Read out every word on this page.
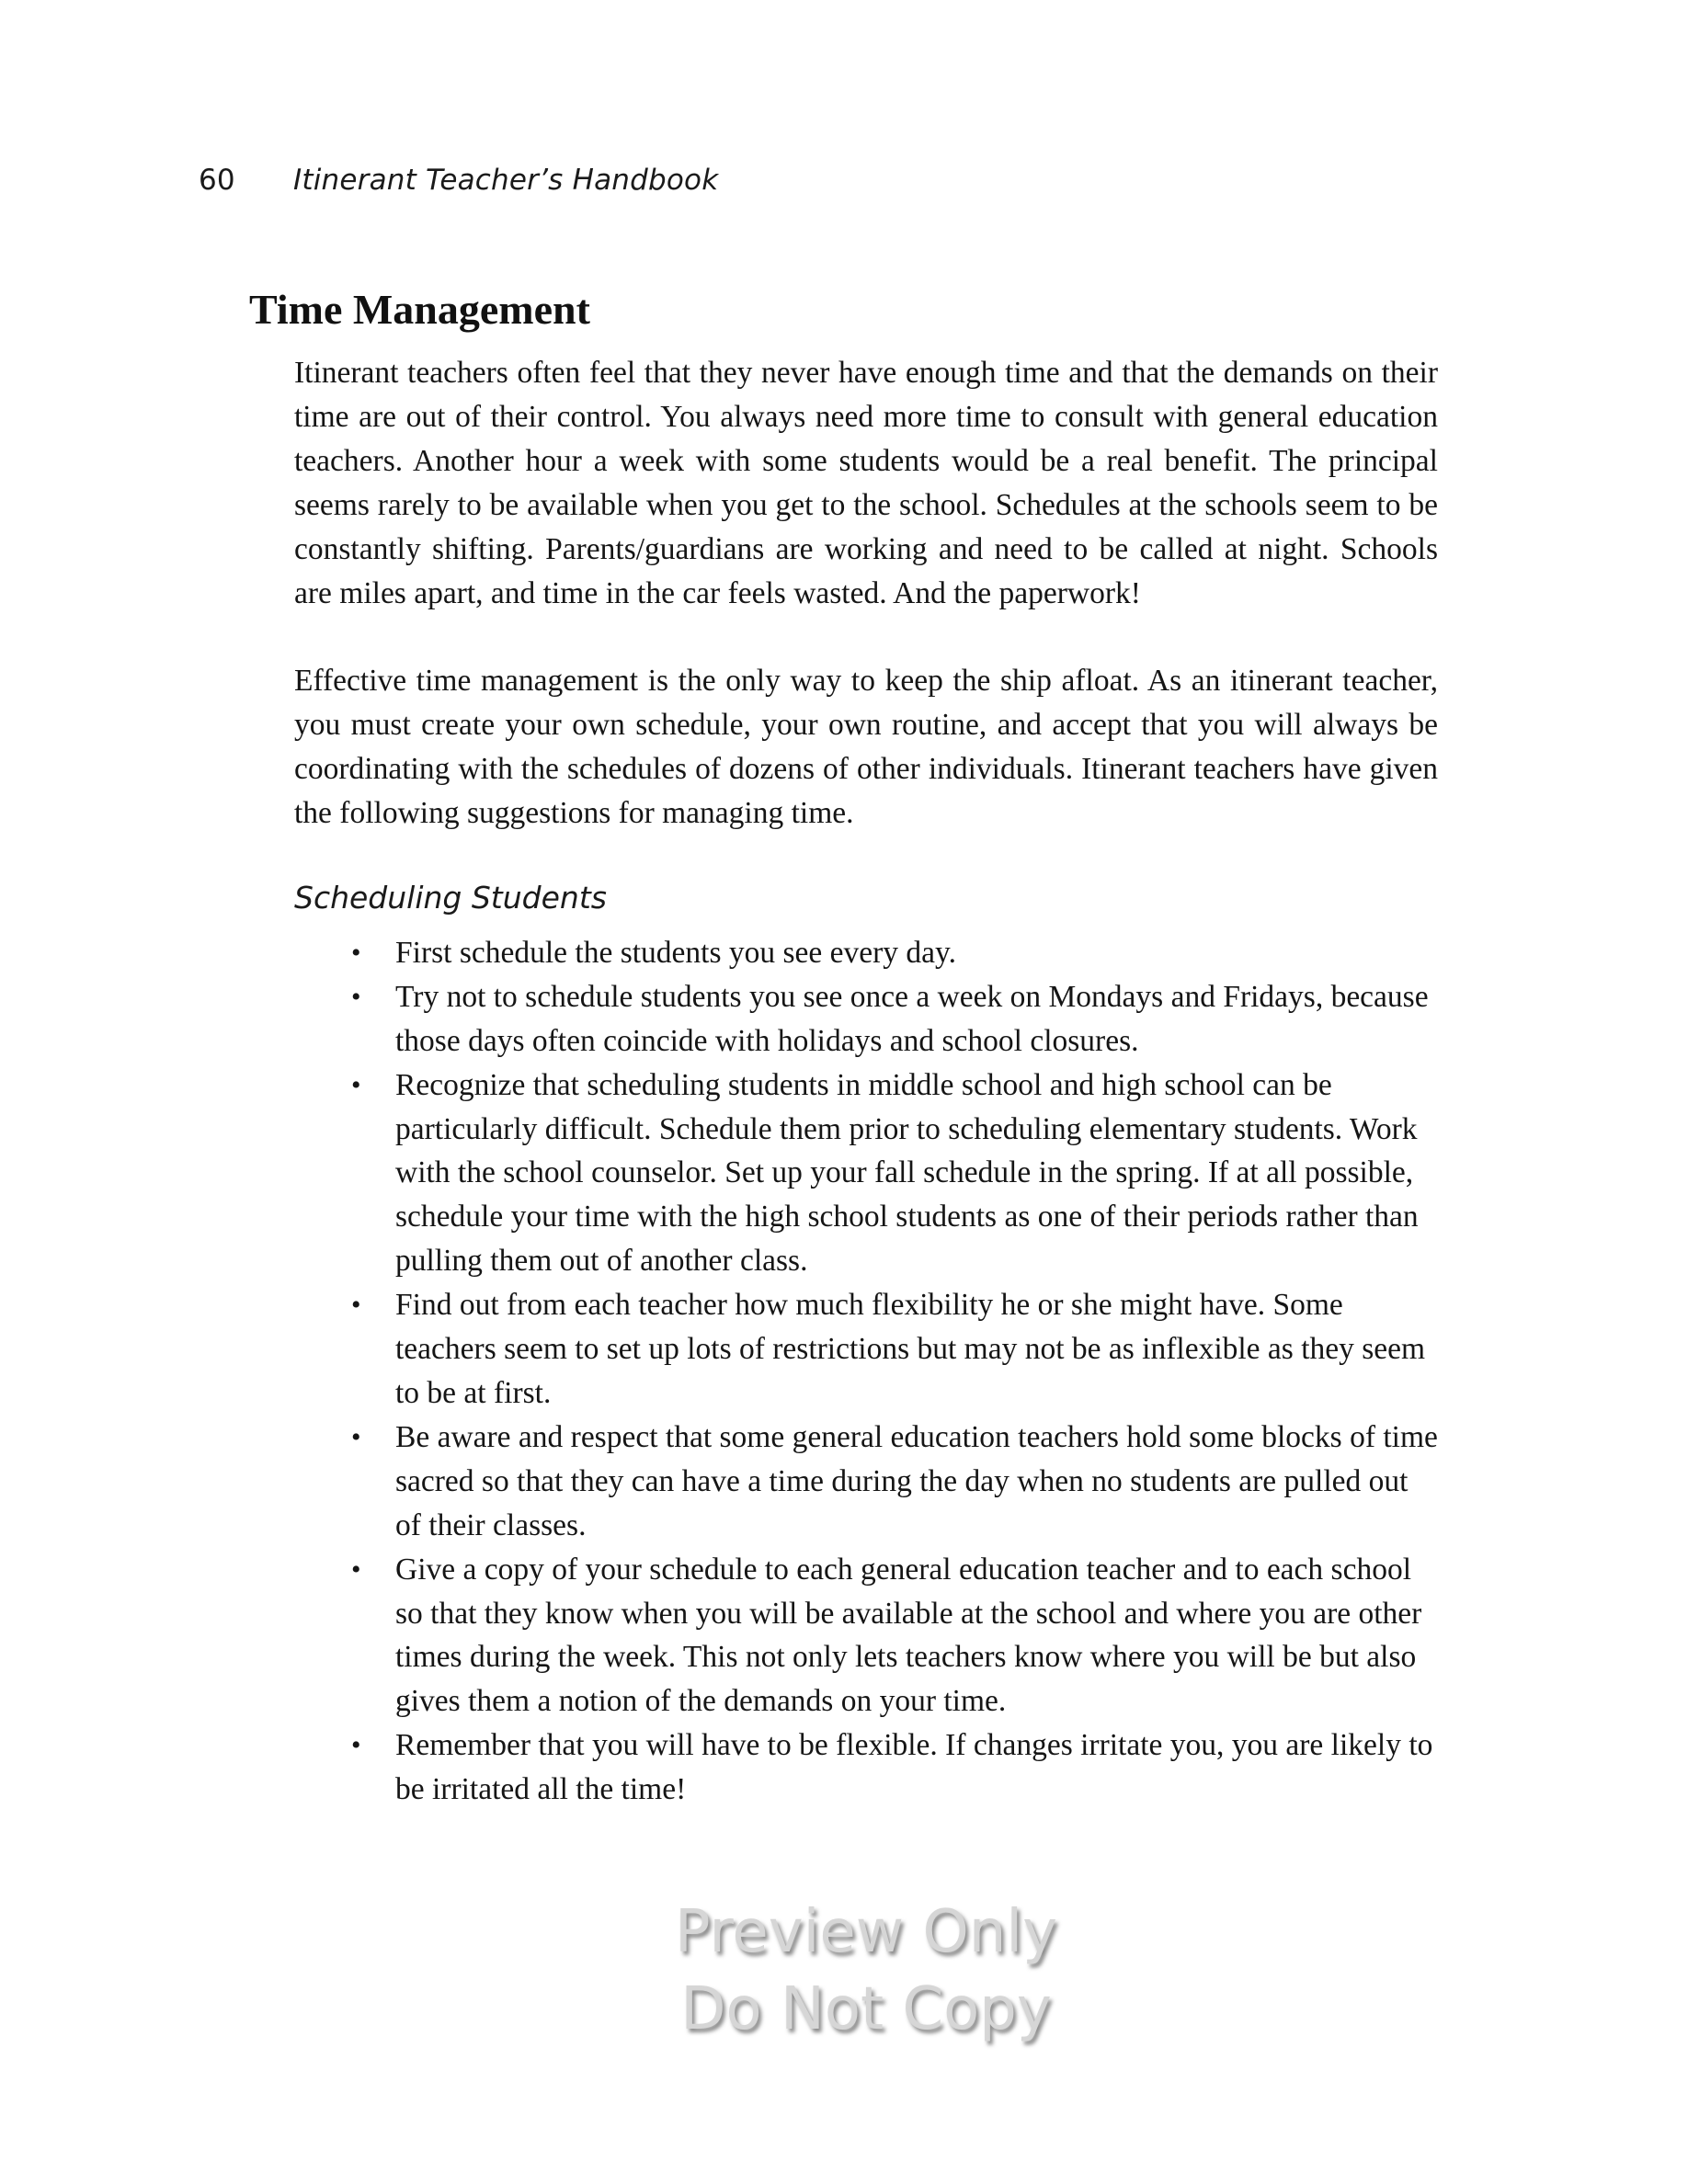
60 Itinerant Teacher’s Handbook
Time Management

Itinerant teachers often feel that they never have enough time and that the demands on their time are out of their control. You always need more time to consult with general education teachers. Another hour a week with some students would be a real benefit. The principal seems rarely to be available when you get to the school. Schedules at the schools seem to be constantly shifting. Parents/guardians are working and need to be called at night. Schools are miles apart, and time in the car feels wasted. And the paperwork!

Effective time management is the only way to keep the ship afloat. As an itinerant teacher, you must create your own schedule, your own routine, and accept that you will always be coordinating with the schedules of dozens of other individuals. Itinerant teachers have given the following suggestions for managing time.

Scheduling Students
• First schedule the students you see every day.
• Try not to schedule students you see once a week on Mondays and Fridays, because those days often coincide with holidays and school closures.
• Recognize that scheduling students in middle school and high school can be particularly difficult. Schedule them prior to scheduling elementary students. Work with the school counselor. Set up your fall schedule in the spring. If at all possible, schedule your time with the high school students as one of their periods rather than pulling them out of another class.
• Find out from each teacher how much flexibility he or she might have. Some teachers seem to set up lots of restrictions but may not be as inflexible as they seem to be at first.
• Be aware and respect that some general education teachers hold some blocks of time sacred so that they can have a time during the day when no students are pulled out of their classes.
• Give a copy of your schedule to each general education teacher and to each school so that they know when you will be available at the school and where you are other times during the week. This not only lets teachers know where you will be but also gives them a notion of the demands on your time.
• Remember that you will have to be flexible. If changes irritate you, you are likely to be irritated all the time!
Preview Only
Do Not Copy
